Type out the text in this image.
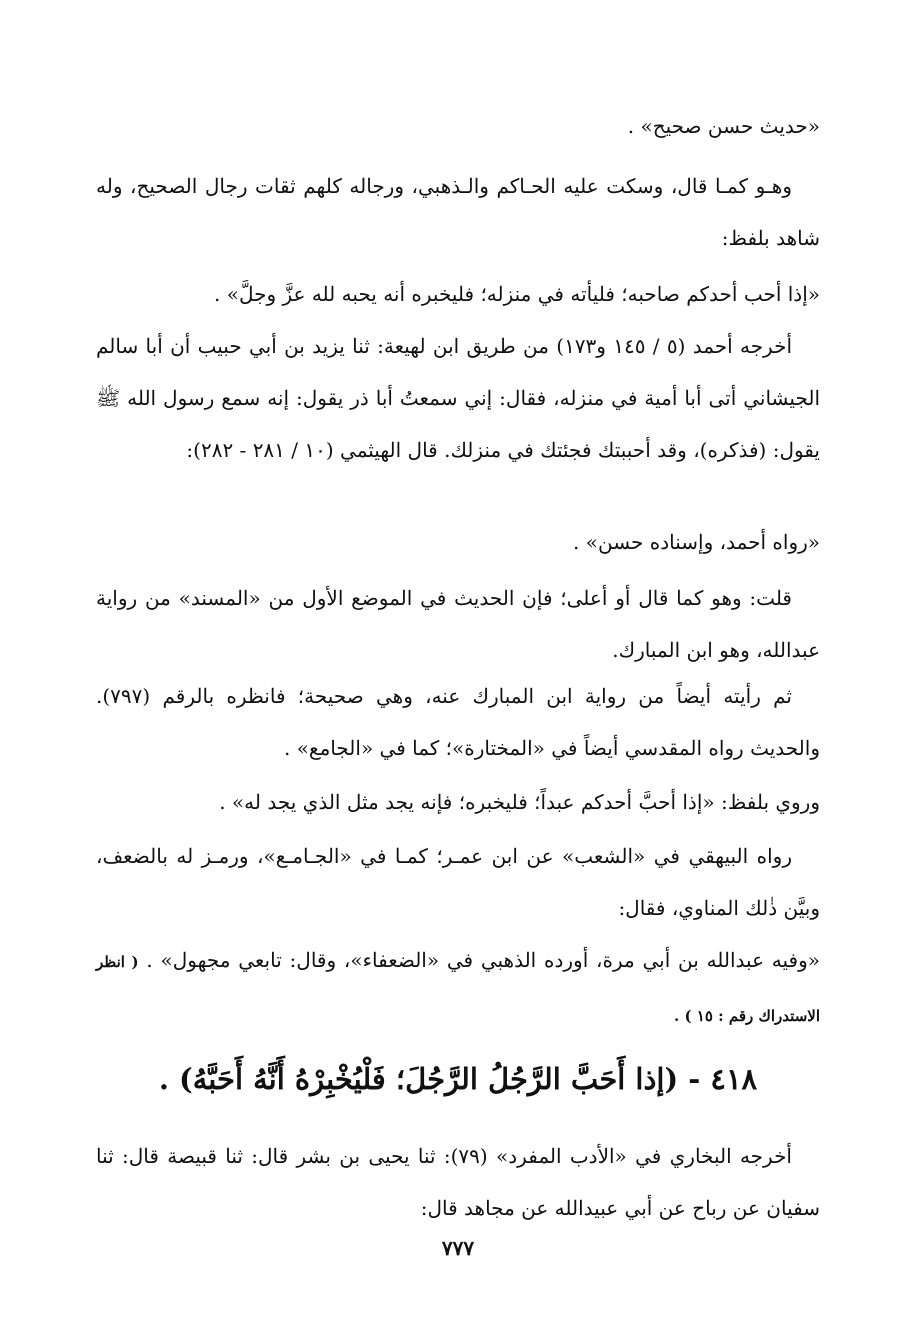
«حديث حسن صحيح» .

وهـو كمـا قال، وسكت عليه الحـاكم والـذهبي، ورجاله كلهم ثقات رجال الصحيح، وله شاهد بلفظ:

«إذا أحب أحدكم صاحبه؛ فليأته في منزله؛ فليخبره أنه يحبه لله عزَّ وجلَّ» .

أخرجه أحمد (٥ / ١٤٥ و١٧٣) من طريق ابن لهيعة: ثنا يزيد بن أبي حبيب أن أبا سالم الجيشاني أتى أبا أمية في منزله، فقال: إني سمعتُ أبا ذر يقول: إنه سمع رسول الله ﷺ يقول: (فذكره)، وقد أحببتك فجئتك في منزلك. قال الهيثمي (١٠ / ٢٨١ - ٢٨٢):

«رواه أحمد، وإسناده حسن» .

قلت: وهو كما قال أو أعلى؛ فإن الحديث في الموضع الأول من «المسند» من رواية عبدالله، وهو ابن المبارك.

ثم رأيته أيضاً من رواية ابن المبارك عنه، وهي صحيحة؛ فانظره بالرقم (٧٩٧). والحديث رواه المقدسي أيضاً في «المختارة»؛ كما في «الجامع» .

وروي بلفظ: «إذا أحبَّ أحدكم عبداً؛ فليخبره؛ فإنه يجد مثل الذي يجد له» .

رواه البيهقي في «الشعب» عن ابن عمـر؛ كمـا في «الجـامـع»، ورمـز له بالضعف، وبيَّن ذٰلك المناوي، فقال:

«وفيه عبدالله بن أبي مرة، أورده الذهبي في «الضعفاء»، وقال: تابعي مجهول» . ( انظر الاستدراك رقم : ١٥ ) .

٤١٨ - (إذا أَحَبَّ الرَّجُلُ الرَّجُلَ؛ فَلْيُخْبِرْهُ أَنَّهُ أَحَبَّهُ) .

أخرجه البخاري في «الأدب المفرد» (٧٩): ثنا يحيى بن بشر قال: ثنا قبيصة قال: ثنا سفيان عن رباح عن أبي عبيدالله عن مجاهد قال:

٧٧٧
